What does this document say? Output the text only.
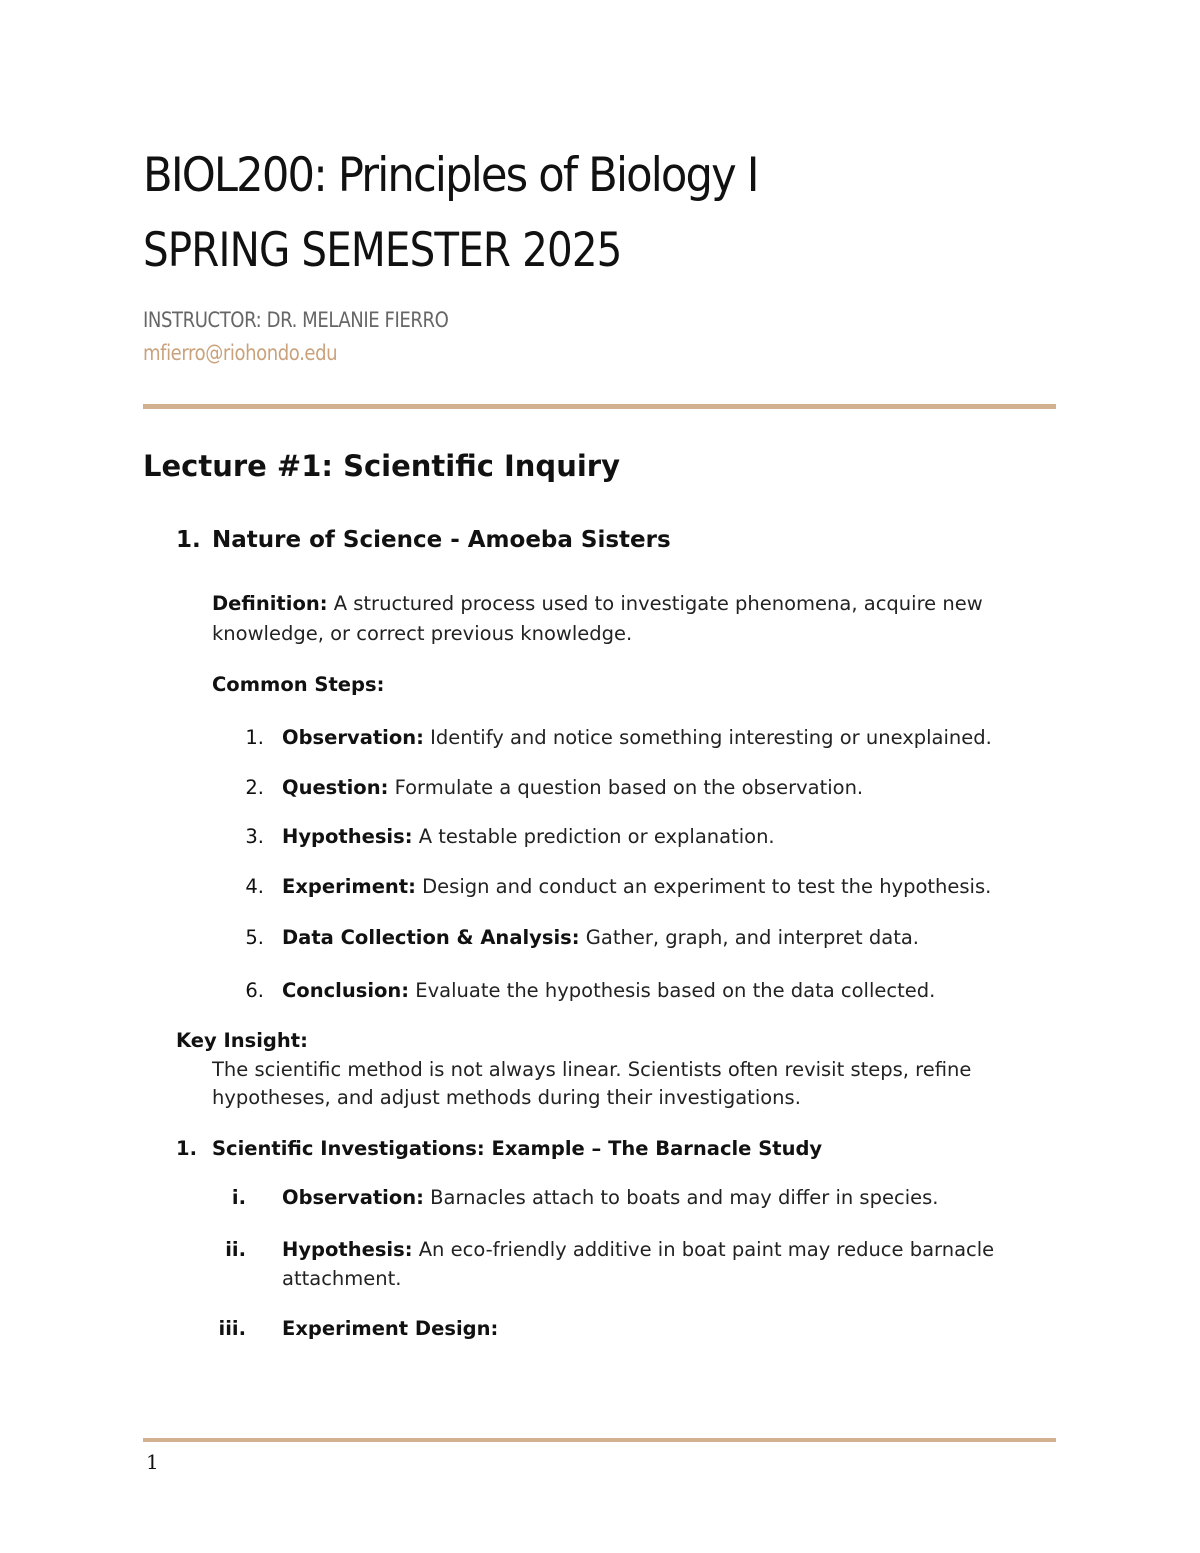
BIOL200: Principles of Biology I
SPRING SEMESTER 2025
INSTRUCTOR: DR. MELANIE FIERRO
mfierro@riohondo.edu
Lecture #1: Scientific Inquiry
1. Nature of Science - Amoeba Sisters
Definition: A structured process used to investigate phenomena, acquire new
knowledge, or correct previous knowledge.
Common Steps:
1. Observation: Identify and notice something interesting or unexplained.
2. Question: Formulate a question based on the observation.
3. Hypothesis: A testable prediction or explanation.
4. Experiment: Design and conduct an experiment to test the hypothesis.
5. Data Collection & Analysis: Gather, graph, and interpret data.
6. Conclusion: Evaluate the hypothesis based on the data collected.
Key Insight:
The scientific method is not always linear. Scientists often revisit steps, refine
hypotheses, and adjust methods during their investigations.
1. Scientific Investigations: Example – The Barnacle Study
i. Observation: Barnacles attach to boats and may differ in species.
ii. Hypothesis: An eco-friendly additive in boat paint may reduce barnacle
attachment.
iii. Experiment Design:
1
